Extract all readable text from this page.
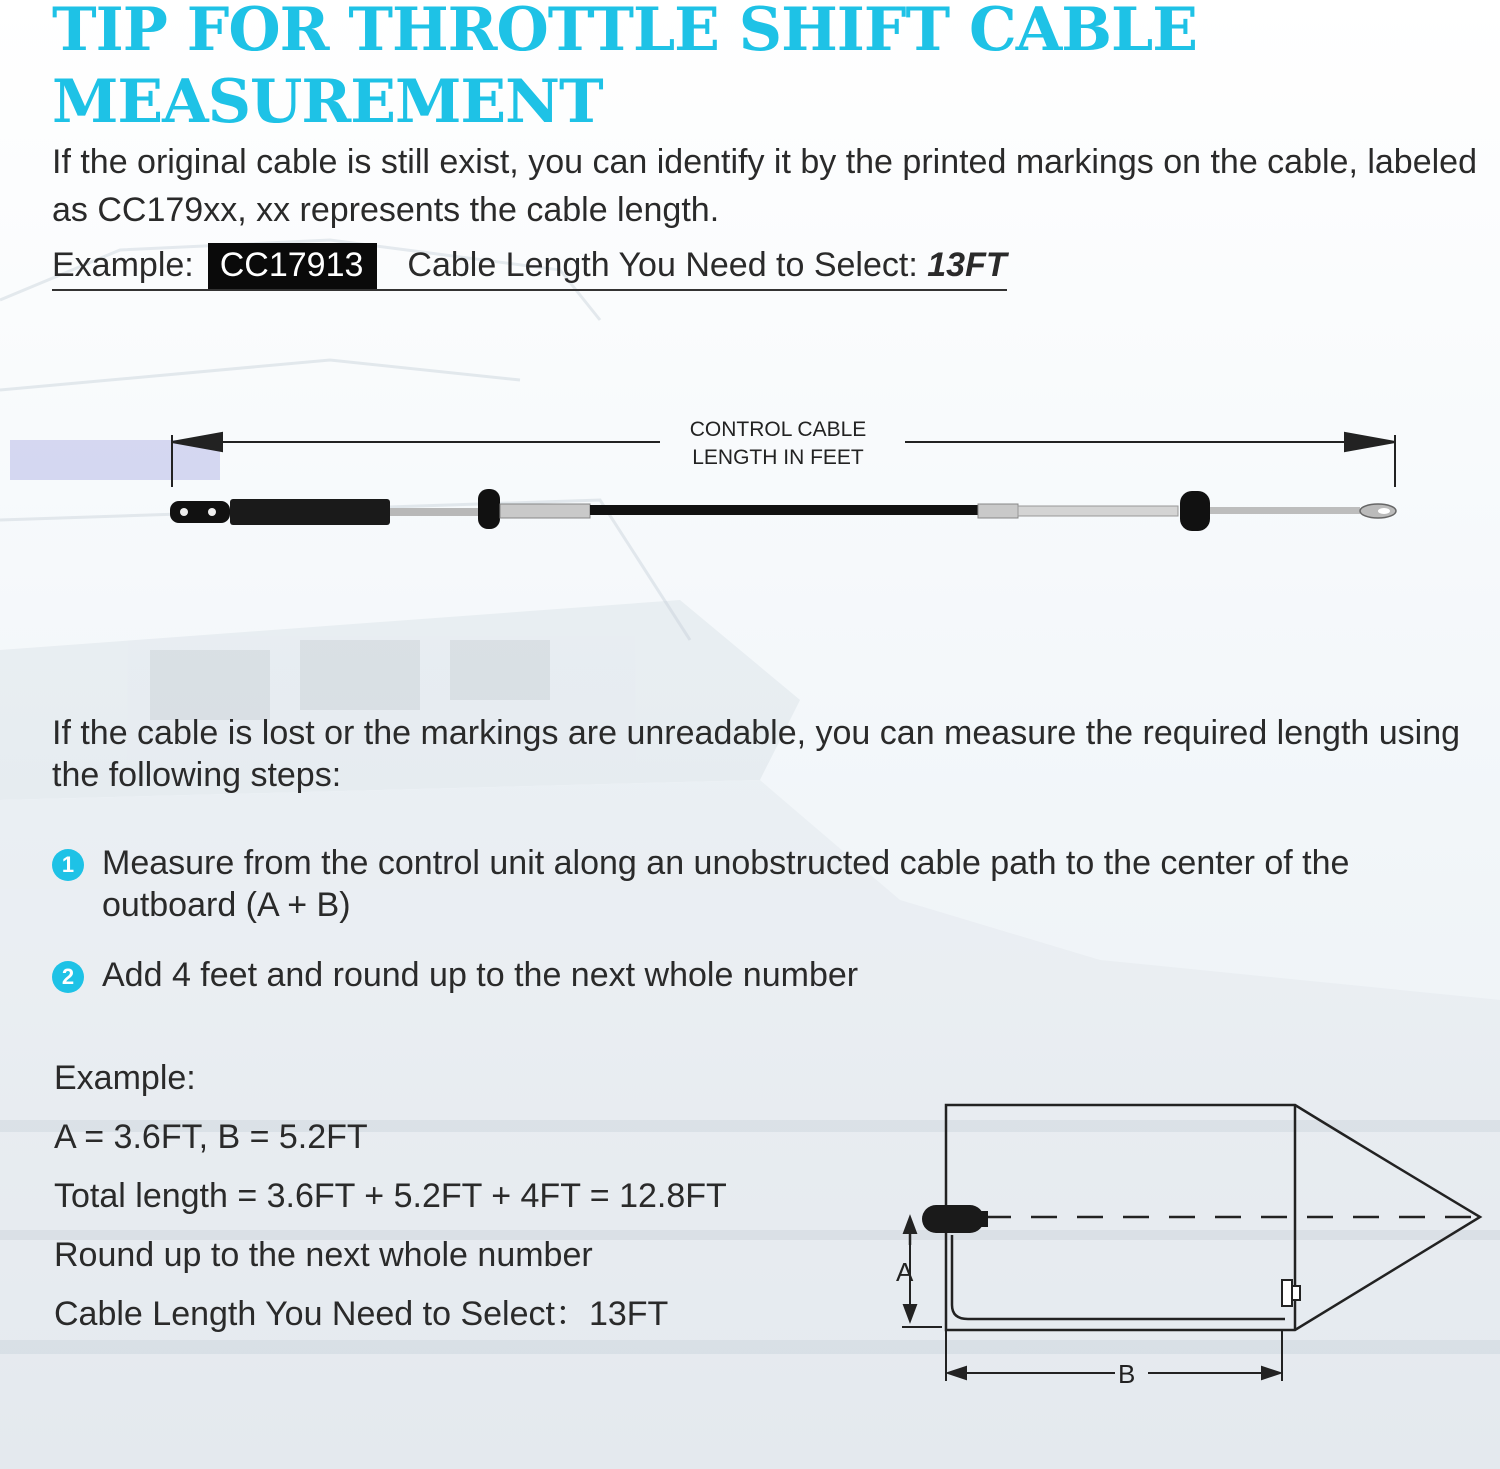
TIP FOR THROTTLE SHIFT CABLE MEASUREMENT
If the original cable is still exist, you can identify it by the printed markings on the cable, labeled as CC179xx, xx represents the cable length.
Example: CC17913 Cable Length You Need to Select: 13FT
CONTROL CABLE
LENGTH IN FEET
If the cable is lost or the markings are unreadable, you can measure the required length using the following steps:
1 Measure from the control unit along an unobstructed cable path to the center of the outboard (A + B)
2 Add 4 feet and round up to the next whole number
Example:
A = 3.6FT, B = 5.2FT
Total length = 3.6FT + 5.2FT + 4FT = 12.8FT
Round up to the next whole number
Cable Length You Need to Select：13FT
A
B
